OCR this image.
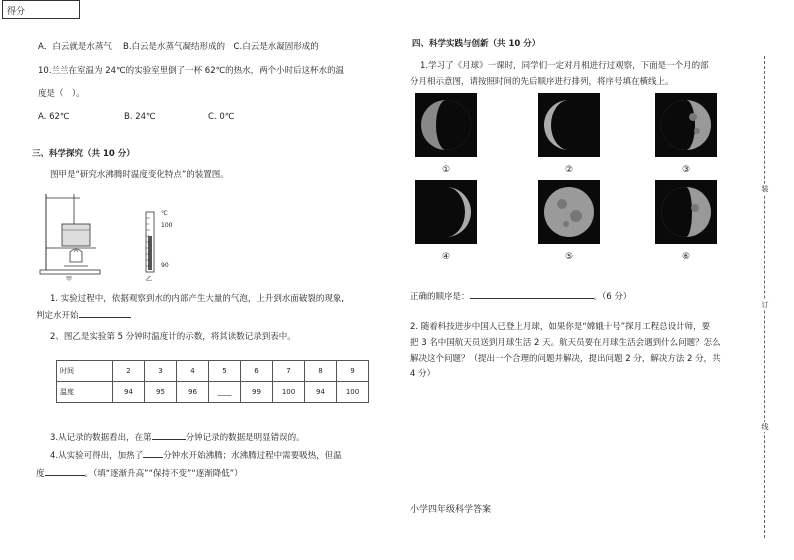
得分
A．白云就是水蒸气　 B.白云是水蒸气凝结形成的　C.白云是水凝固形成的
10.兰兰在室温为 24℃的实验室里倒了一杯 62℃的热水，两个小时后这杯水的温
度是（　）。
A. 62℃	B. 24℃	C. 0℃
三、科学探究（共 10 分）
图甲是“研究水沸腾时温度变化特点”的装置图。
甲
℃
100
90
乙
1. 实验过程中，依据观察到水的内部产生大量的气泡，上升到水面破裂的现象,
判定水开始
2、图乙是实验第 5 分钟时温度计的示数，将其读数记录到表中。
时间	2	3	4	5	6	7	8	9
温度	94	95	96	____	99	100	94	100
3.从记录的数据看出，在第	分钟记录的数据是明显错误的。
4.从实验可得出，加热了 分钟水开始沸腾；水沸腾过程中需要吸热，但温
度	。（填“逐渐升高”“保持不变”“逐渐降低”）
四、科学实践与创新（共 10 分）
1.学习了《月球》一课时，同学们一定对月相进行过观察，下面是一个月的部
分月相示意图，请按照时间的先后顺序进行排列，将序号填在横线上。
①	②	③
④	⑤	⑥
正确的顺序是：	。（6 分）
2. 随着科技进步中国人已登上月球，如果你是“嫦娥十号”探月工程总设计师，要
把 3 名中国航天员送到月球生活 2 天。航天员要在月球生活会遇到什么问题？怎么
解决这个问题？（提出一个合理的问题并解决，提出问题 2 分，解决方法 2 分，共
4 分）
小学四年级科学答案
装
订
线
